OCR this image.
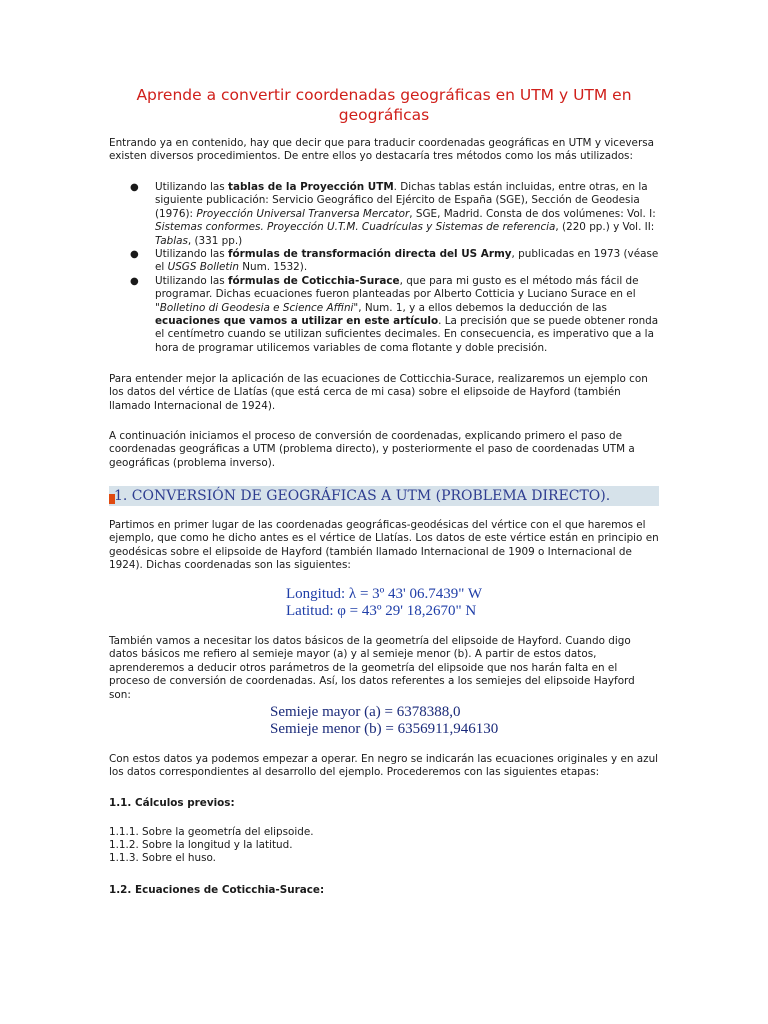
Aprende a convertir coordenadas geográficas en UTM y UTM en geográficas

Entrando ya en contenido, hay que decir que para traducir coordenadas geográficas en UTM y viceversa existen diversos procedimientos. De entre ellos yo destacaría tres métodos como los más utilizados:

● Utilizando las tablas de la Proyección UTM. Dichas tablas están incluidas, entre otras, en la siguiente publicación: Servicio Geográfico del Ejército de España (SGE), Sección de Geodesia (1976): Proyección Universal Tranversa Mercator, SGE, Madrid. Consta de dos volúmenes: Vol. I: Sistemas conformes. Proyección U.T.M. Cuadrículas y Sistemas de referencia, (220 pp.) y Vol. II: Tablas, (331 pp.)
● Utilizando las fórmulas de transformación directa del US Army, publicadas en 1973 (véase el USGS Bolletin Num. 1532).
● Utilizando las fórmulas de Coticchia-Surace, que para mi gusto es el método más fácil de programar. Dichas ecuaciones fueron planteadas por Alberto Cotticia y Luciano Surace en el "Bolletino di Geodesia e Science Affini", Num. 1, y a ellos debemos la deducción de las ecuaciones que vamos a utilizar en este artículo. La precisión que se puede obtener ronda el centímetro cuando se utilizan suficientes decimales. En consecuencia, es imperativo que a la hora de programar utilicemos variables de coma flotante y doble precisión.

Para entender mejor la aplicación de las ecuaciones de Cotticchia-Surace, realizaremos un ejemplo con los datos del vértice de Llatías (que está cerca de mi casa) sobre el elipsoide de Hayford (también llamado Internacional de 1924).

A continuación iniciamos el proceso de conversión de coordenadas, explicando primero el paso de coordenadas geográficas a UTM (problema directo), y posteriormente el paso de coordenadas UTM a geográficas (problema inverso).

1. CONVERSIÓN DE GEOGRÁFICAS A UTM (PROBLEMA DIRECTO).

Partimos en primer lugar de las coordenadas geográficas-geodésicas del vértice con el que haremos el ejemplo, que como he dicho antes es el vértice de Llatías. Los datos de este vértice están en principio en geodésicas sobre el elipsoide de Hayford (también llamado Internacional de 1909 o Internacional de 1924). Dichas coordenadas son las siguientes:

Longitud: λ = 3º 43' 06.7439" W
Latitud: φ = 43º 29' 18,2670" N

También vamos a necesitar los datos básicos de la geometría del elipsoide de Hayford. Cuando digo datos básicos me refiero al semieje mayor (a) y al semieje menor (b). A partir de estos datos, aprenderemos a deducir otros parámetros de la geometría del elipsoide que nos harán falta en el proceso de conversión de coordenadas. Así, los datos referentes a los semiejes del elipsoide Hayford son:

Semieje mayor (a) = 6378388,0
Semieje menor (b) = 6356911,946130

Con estos datos ya podemos empezar a operar. En negro se indicarán las ecuaciones originales y en azul los datos correspondientes al desarrollo del ejemplo. Procederemos con las siguientes etapas:

1.1. Cálculos previos:

1.1.1. Sobre la geometría del elipsoide.

1.1.2. Sobre la longitud y la latitud.

1.1.3. Sobre el huso.

1.2. Ecuaciones de Coticchia-Surace:
